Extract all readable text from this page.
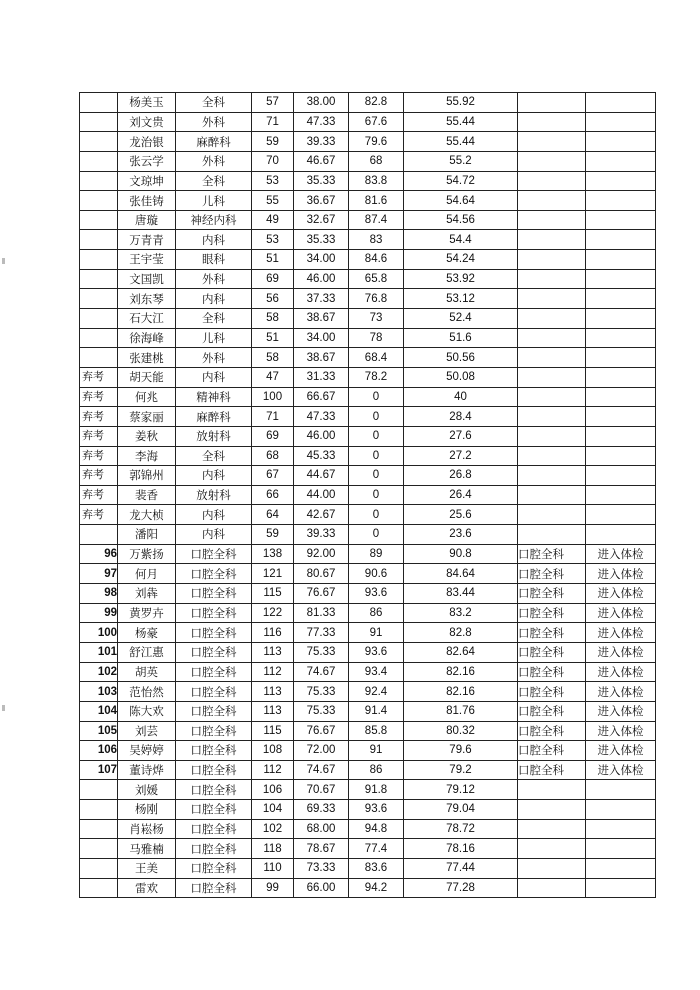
	杨美玉	全科	57	38.00	82.8	55.92		
	刘文贵	外科	71	47.33	67.6	55.44		
	龙治银	麻醉科	59	39.33	79.6	55.44		
	张云学	外科	70	46.67	68	55.2		
	文琼坤	全科	53	35.33	83.8	54.72		
	张佳铸	儿科	55	36.67	81.6	54.64		
	唐璇	神经内科	49	32.67	87.4	54.56		
	万青青	内科	53	35.33	83	54.4		
	王宇莹	眼科	51	34.00	84.6	54.24		
	文国凯	外科	69	46.00	65.8	53.92		
	刘东琴	内科	56	37.33	76.8	53.12		
	石大江	全科	58	38.67	73	52.4		
	徐海峰	儿科	51	34.00	78	51.6		
	张建桃	外科	58	38.67	68.4	50.56		
弃考	胡天能	内科	47	31.33	78.2	50.08		
弃考	何兆	精神科	100	66.67	0	40		
弃考	蔡家丽	麻醉科	71	47.33	0	28.4		
弃考	姜秋	放射科	69	46.00	0	27.6		
弃考	李海	全科	68	45.33	0	27.2		
弃考	郭锦州	内科	67	44.67	0	26.8		
弃考	裴香	放射科	66	44.00	0	26.4		
弃考	龙大桢	内科	64	42.67	0	25.6		
	潘阳	内科	59	39.33	0	23.6		
96	万紫扬	口腔全科	138	92.00	89	90.8	口腔全科	进入体检
97	何月	口腔全科	121	80.67	90.6	84.64	口腔全科	进入体检
98	刘犇	口腔全科	115	76.67	93.6	83.44	口腔全科	进入体检
99	黄罗卉	口腔全科	122	81.33	86	83.2	口腔全科	进入体检
100	杨豪	口腔全科	116	77.33	91	82.8	口腔全科	进入体检
101	舒江惠	口腔全科	113	75.33	93.6	82.64	口腔全科	进入体检
102	胡英	口腔全科	112	74.67	93.4	82.16	口腔全科	进入体检
103	范怡然	口腔全科	113	75.33	92.4	82.16	口腔全科	进入体检
104	陈大欢	口腔全科	113	75.33	91.4	81.76	口腔全科	进入体检
105	刘芸	口腔全科	115	76.67	85.8	80.32	口腔全科	进入体检
106	吴婷婷	口腔全科	108	72.00	91	79.6	口腔全科	进入体检
107	董诗烨	口腔全科	112	74.67	86	79.2	口腔全科	进入体检
	刘媛	口腔全科	106	70.67	91.8	79.12		
	杨刚	口腔全科	104	69.33	93.6	79.04		
	肖崧杨	口腔全科	102	68.00	94.8	78.72		
	马雅楠	口腔全科	118	78.67	77.4	78.16		
	王美	口腔全科	110	73.33	83.6	77.44		
	雷欢	口腔全科	99	66.00	94.2	77.28		
